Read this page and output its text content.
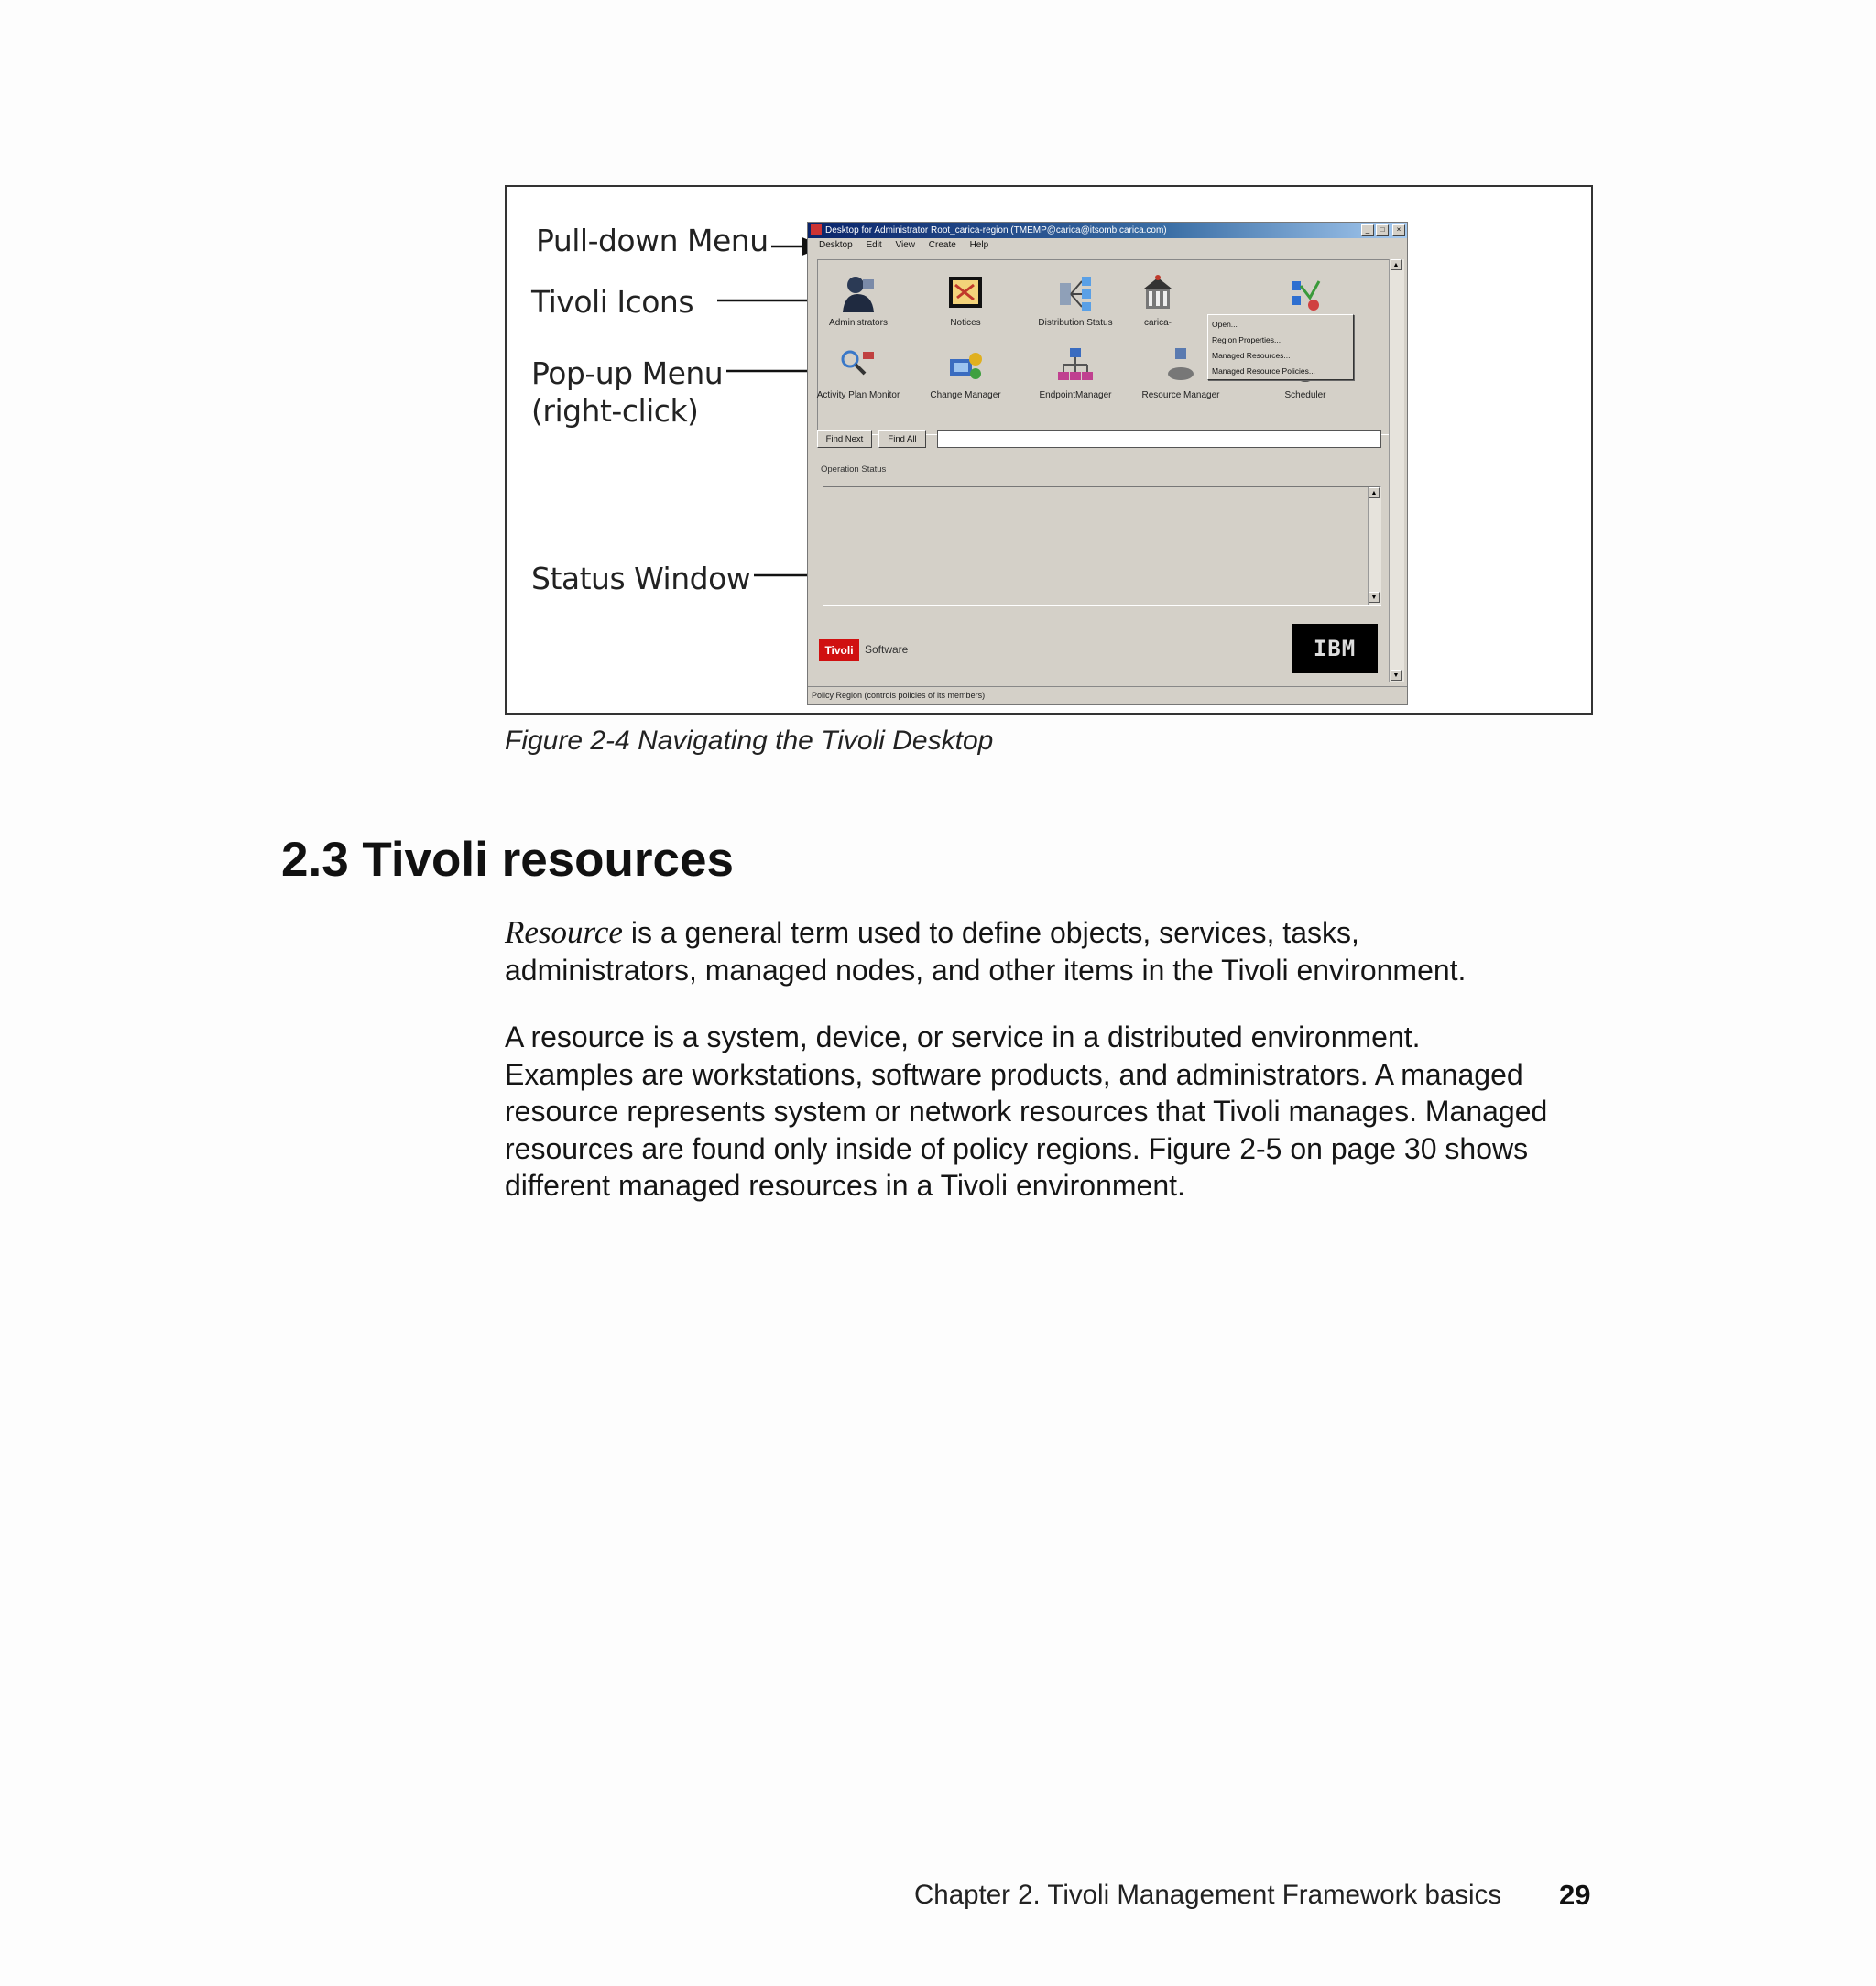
Pull-down Menu
Tivoli Icons
Pop-up Menu
(right-click)
Status Window
Desktop for Administrator Root_carica-region (TMEMP@carica@itsomb.carica.com)	_	□	×
Desktop Edit View Create Help
Administrators	Notices	Distribution Status	carica-
Activity Plan Monitor	Change Manager	EndpointManager	Resource Manager	Scheduler
Open...
Region Properties...
Managed Resources...
Managed Resource Policies...
▲
▼
Find Next	Find All
Operation Status
▲
▼
Tivoli	Software	IBM
Policy Region (controls policies of its members)
Figure 2-4 Navigating the Tivoli Desktop
2.3 Tivoli resources
Resource is a general term used to define objects, services, tasks,
administrators, managed nodes, and other items in the Tivoli environment.
A resource is a system, device, or service in a distributed environment.
Examples are workstations, software products, and administrators. A managed
resource represents system or network resources that Tivoli manages. Managed
resources are found only inside of policy regions. Figure 2-5 on page 30 shows
different managed resources in a Tivoli environment.
Chapter 2. Tivoli Management Framework basics 29
